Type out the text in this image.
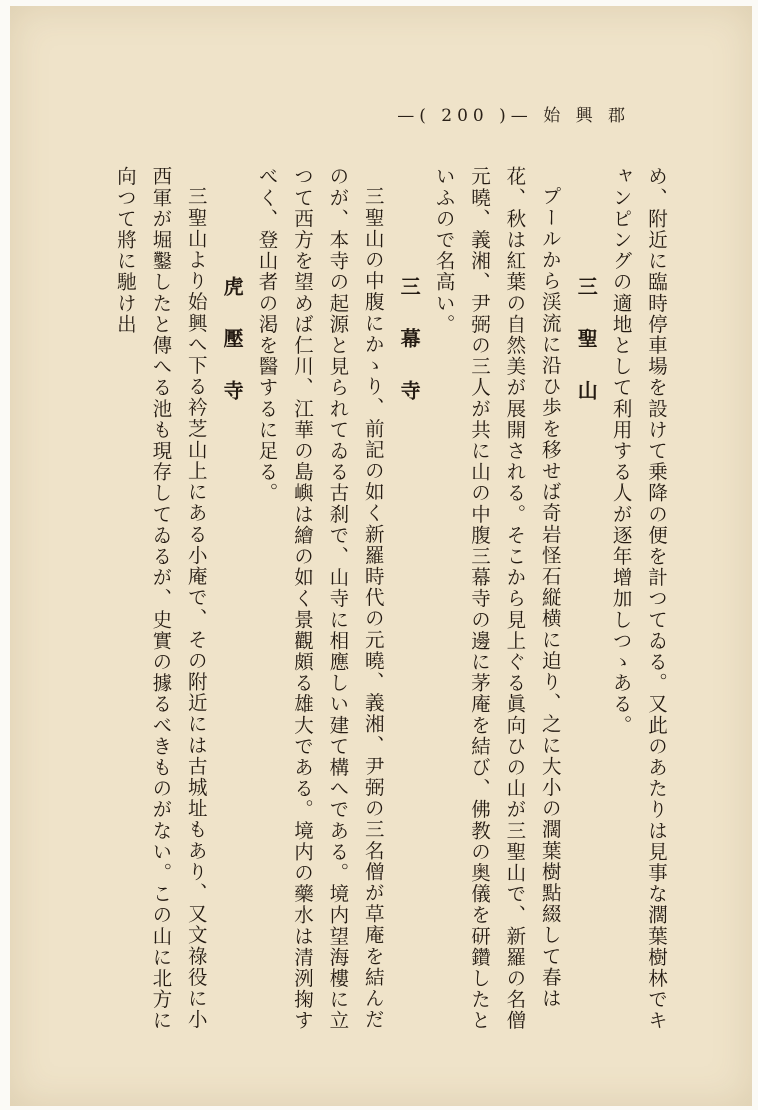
—( 200 )— 始 興 郡

め、附近に臨時停車場を設けて乗降の便を計つてゐる。又此のあたりは見事な濶葉樹林でキャンピングの適地として利用する人が逐年增加しつゝある。

三聖山

プールから渓流に沿ひ歩を移せば奇岩怪石縦横に迫り、之に大小の濶葉樹點綴して春は花、秋は紅葉の自然美が展開される。そこから見上ぐる眞向ひの山が三聖山で、新羅の名僧元曉、義湘、尹弼の三人が共に山の中腹三幕寺の邊に茅庵を結び、佛教の奥儀を研鑽したといふので名高い。

三幕寺

三聖山の中腹にかゝり、前記の如く新羅時代の元曉、義湘、尹弼の三名僧が草庵を結んだのが、本寺の起源と見られてゐる古刹で、山寺に相應しい建て構へである。境内望海樓に立つて西方を望めば仁川、江華の島嶼は繪の如く景觀頗る雄大である。境内の藥水は清洌掬すべく、登山者の渇を醫するに足る。

虎壓寺

三聖山より始興へ下る衿芝山上にある小庵で、その附近には古城址もあり、又文祿役に小西軍が堀鑿したと傳へる池も現存してゐるが、史實の據るべきものがない。この山に北方に向つて將に馳け出
